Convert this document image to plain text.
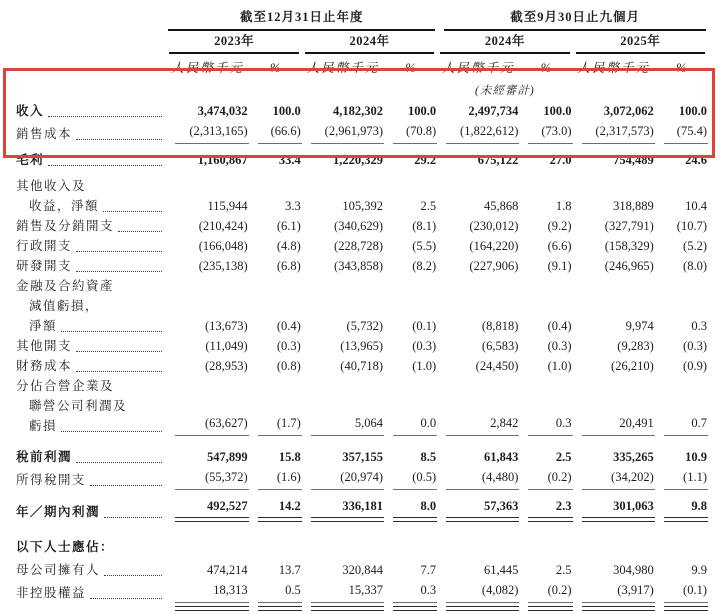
	截至12月31日止年度				截至9月30日止九個月			

	2023年		2024年		2024年		2025年	

	人民幣千元	%	人民幣千元	%	人民幣千元	%	人民幣千元	%
					(未經審計)			

收入	3,474,032	100.0	4,182,302	100.0	2,497,734	100.0	3,072,062	100.0

銷售成本	(2,313,165)	(66.6)	(2,961,973)	(70.8)	(1,822,612)	(73.0)	(2,317,573)	(75.4)

毛利	1,160,867	33.4	1,220,329	29.2	675,122	27.0	754,489	24.6

其他收入及
收益，淨額	115,944	3.3	105,392	2.5	45,868	1.8	318,889	10.4

銷售及分銷開支	(210,424)	(6.1)	(340,629)	(8.1)	(230,012)	(9.2)	(327,791)	(10.7)

行政開支	(166,048)	(4.8)	(228,728)	(5.5)	(164,220)	(6.6)	(158,329)	(5.2)

研發開支	(235,138)	(6.8)	(343,858)	(8.2)	(227,906)	(9.1)	(246,965)	(8.0)

金融及合約資產
減值虧損，
淨額	(13,673)	(0.4)	(5,732)	(0.1)	(8,818)	(0.4)	9,974	0.3

其他開支	(11,049)	(0.3)	(13,965)	(0.3)	(6,583)	(0.3)	(9,283)	(0.3)

財務成本	(28,953)	(0.8)	(40,718)	(1.0)	(24,450)	(1.0)	(26,210)	(0.9)

分佔合營企業及
聯營公司利潤及
虧損	(63,627)	(1.7)	5,064	0.0	2,842	0.3	20,491	0.7

稅前利潤	547,899	15.8	357,155	8.5	61,843	2.5	335,265	10.9

所得稅開支	(55,372)	(1.6)	(20,974)	(0.5)	(4,480)	(0.2)	(34,202)	(1.1)

年／期內利潤	492,527	14.2	336,181	8.0	57,363	2.3	301,063	9.8

以下人士應佔：								

母公司擁有人	474,214	13.7	320,844	7.7	61,445	2.5	304,980	9.9

非控股權益	18,313	0.5	15,337	0.3	(4,082)	(0.2)	(3,917)	(0.1)
